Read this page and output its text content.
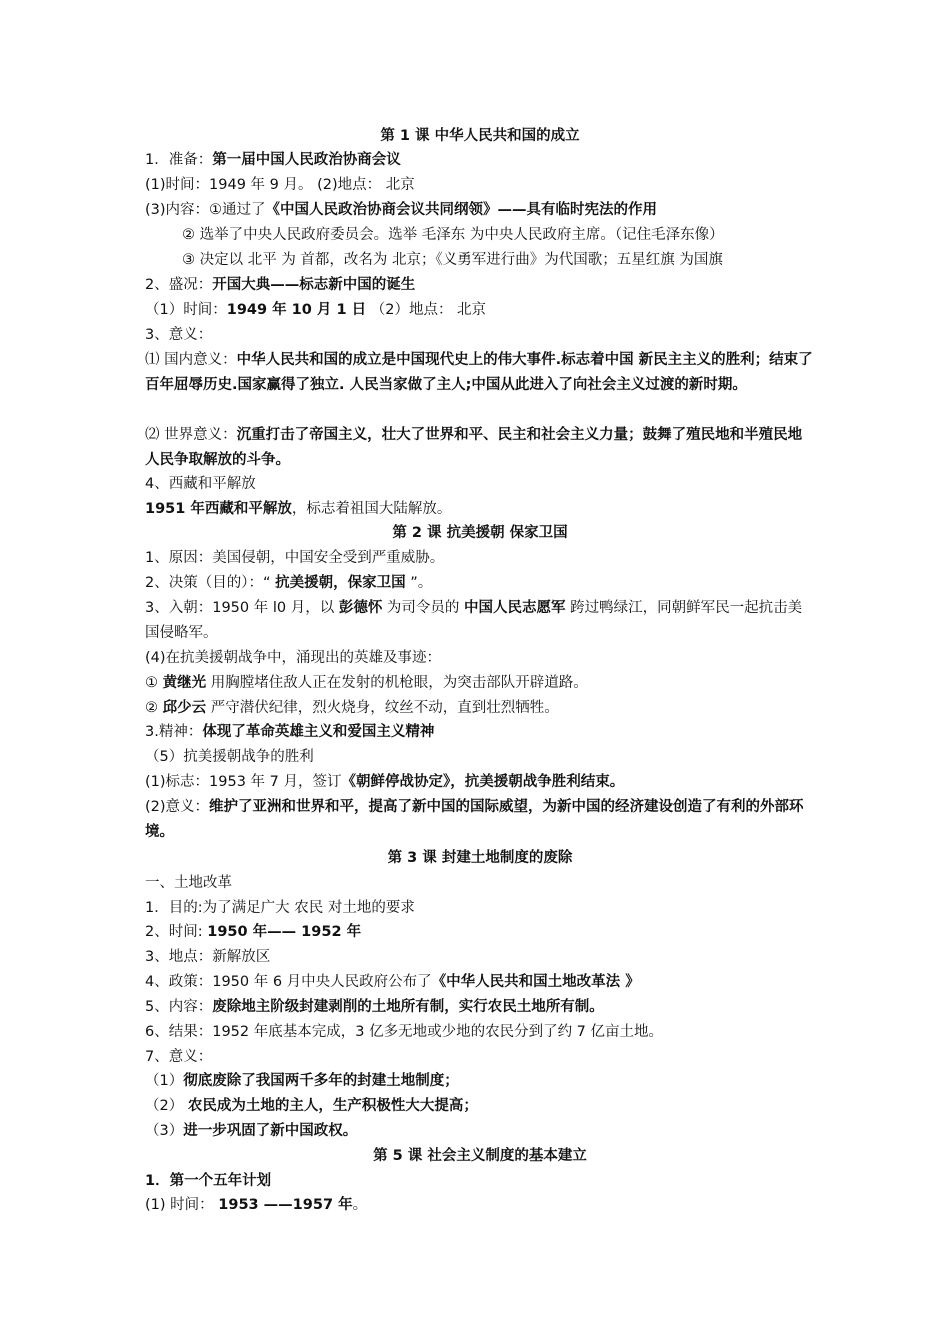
第 1 课 中华人民共和国的成立
1．准备：第一届中国人民政治协商会议
(1)时间：1949 年 9 月。 (2)地点： 北京
(3)内容：①通过了《中国人民政治协商会议共同纲领》——具有临时宪法的作用
② 选举了中央人民政府委员会。选举 毛泽东 为中央人民政府主席。（记住毛泽东像）
③ 决定以 北平 为 首都，改名为 北京；《义勇军进行曲》为代国歌；五星红旗 为国旗
2、盛况：开国大典——标志新中国的诞生
（1）时间：1949 年 10 月 1 日 （2）地点： 北京
3、意义：
⑴ 国内意义：中华人民共和国的成立是中国现代史上的伟大事件.标志着中国 新民主主义的胜利；结束了百年屈辱历史.国家赢得了独立. 人民当家做了主人;中国从此进入了向社会主义过渡的新时期。
⑵ 世界意义：沉重打击了帝国主义，壮大了世界和平、民主和社会主义力量；鼓舞了殖民地和半殖民地人民争取解放的斗争。
4、西藏和平解放
1951 年西藏和平解放，标志着祖国大陆解放。
第 2 课 抗美援朝 保家卫国
1、原因：美国侵朝，中国安全受到严重威胁。
2、决策（目的）：“ 抗美援朝，保家卫国 ”。
3、入朝：1950 年 l0 月，以 彭德怀 为司令员的 中国人民志愿军 跨过鸭绿江，同朝鲜军民一起抗击美国侵略军。
(4)在抗美援朝战争中，涌现出的英雄及事迹：
① 黄继光 用胸膛堵住敌人正在发射的机枪眼，为突击部队开辟道路。
② 邱少云 严守潜伏纪律，烈火烧身，纹丝不动，直到壮烈牺牲。
3.精神：体现了革命英雄主义和爱国主义精神
（5）抗美援朝战争的胜利
(1)标志：1953 年 7 月，签订《朝鲜停战协定》，抗美援朝战争胜利结束。
(2)意义：维护了亚洲和世界和平，提高了新中国的国际威望，为新中国的经济建设创造了有利的外部环境。
第 3 课 封建土地制度的废除
一、土地改革
1．目的:为了满足广大 农民 对土地的要求
2、时间: 1950 年—— 1952 年
3、地点：新解放区
4、政策：1950 年 6 月中央人民政府公布了《中华人民共和国土地改革法 》
5、内容：废除地主阶级封建剥削的土地所有制，实行农民土地所有制。
6、结果：1952 年底基本完成，3 亿多无地或少地的农民分到了约 7 亿亩土地。
7、意义：
（1）彻底废除了我国两千多年的封建土地制度；
（2） 农民成为土地的主人，生产积极性大大提高；
（3）进一步巩固了新中国政权。
第 5 课 社会主义制度的基本建立
1．第一个五年计划
(1) 时间： 1953 ——1957 年。
